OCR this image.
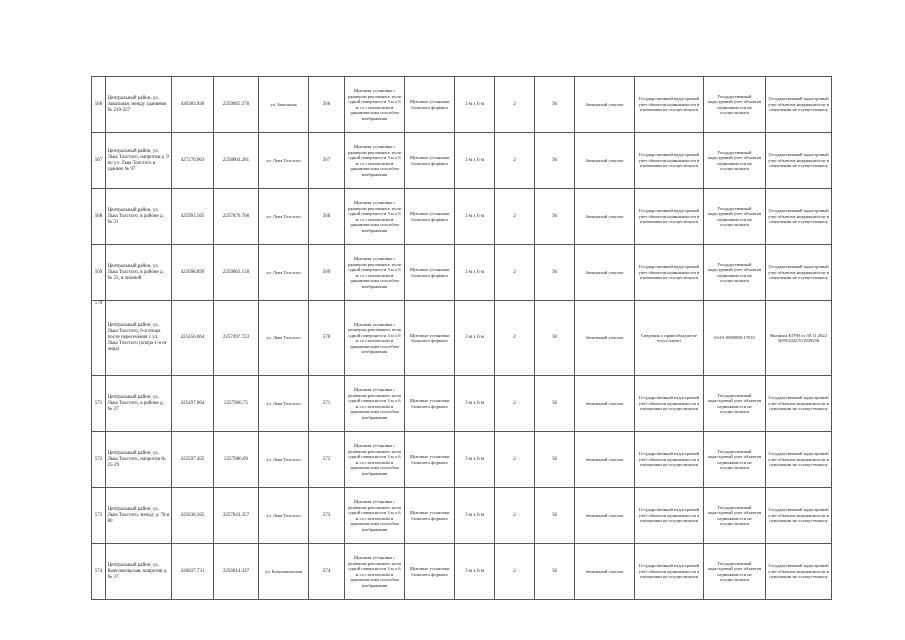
566	Центральный район, ул. Завальная, между зданиями № 219-227	430383.936	2259965.376	ул. Завальная	566	Щитовая установка с размером рекламного поля одной поверхности 3 м x 6 м со статическим и динамическим способом изображения	Щитовые установки большого формата	3 м x 6 м	2	36	Земельный участок	Государственный кадастровый учет объектов недвижимости в отношении не осуществлялся	Государственный кадастровый учет объектов недвижимости не осуществлялся	Государственный кадастровый учет объектов недвижимости в отношении не осуществлялся
567	Центральный район, ул. Льва Толстого, напротив д. 9 по ул. Льва Толстого и зданию № 97	427276.963	2258001.281	ул. Льва Толстого	567	Щитовая установка с размером рекламного поля одной поверхности 3 м x 6 м со статическим и динамическим способом изображения	Щитовые установки большого формата	3 м x 6 м	2	36	Земельный участок	Государственный кадастровый учет объектов недвижимости в отношении не осуществлялся	Государственный кадастровый учет объектов недвижимости не осуществлялся	Государственный кадастровый учет объектов недвижимости в отношении не осуществлялся
568	Центральный район, ул. Льва Толстого, в районе д. № 21	425993.565	2257876.706	ул. Льва Толстого	568	Щитовая установка с размером рекламного поля одной поверхности 3 м x 6 м со статическим и динамическим способом изображения	Щитовые установки большого формата	3 м x 6 м	2	36	Земельный участок	Государственный кадастровый учет объектов недвижимости в отношении не осуществлялся	Государственный кадастровый учет объектов недвижимости не осуществлялся	Государственный кадастровый учет объектов недвижимости в отношении не осуществлялся
569	Центральный район, ул. Льва Толстого, в районе д. № 23, в зеленой	425698.899	2259063.158	ул. Льва Толстого	569	Щитовая установка с размером рекламного поля одной поверхности 3 м x 6 м со статическим и динамическим способом изображения	Щитовые установки большого формата	3 м x 6 м	2	36	Земельный участок	Государственный кадастровый учет объектов недвижимости в отношении не осуществлялся	Государственный кадастровый учет объектов недвижимости не осуществлялся	Государственный кадастровый учет объектов недвижимости в отношении не осуществлялся
570	Центральный район, ул. Льва Толстого, 6-я опора после пересечения с ул. Льва Толстого (опора 1-я от лица)	425456.064	2257497.723	ул. Льва Толстого	570	Щитовая установка с размером рекламного поля одной поверхности 3 м x 6 м со статическим и динамическим способом изображения	Щитовые установки большого формата	3 м x 6 м	2	36	Земельный участок	Сведения о правообладателе отсутствуют	63:01:0000000:17016	Выписка ЕГРН от 30.11.2022 №99/2022/511049258
571	Центральный район, ул. Льва Толстого, в районе д. № 27	425497.064	2257900.75	ул. Льва Толстого	571	Щитовая установка с размером рекламного поля одной поверхности 3 м x 6 м со статическим и динамическим способом изображения	Щитовые установки большого формата	3 м x 6 м	2	36	Земельный участок	Государственный кадастровый учет объектов недвижимости в отношении не осуществлялся	Государственный кадастровый учет объектов недвижимости не осуществлялся	Государственный кадастровый учет объектов недвижимости в отношении не осуществлялся
572	Центральный район, ул. Льва Толстого, напротив № 25-29	425597.205	2257980.09	ул. Льва Толстого	572	Щитовая установка с размером рекламного поля одной поверхности 3 м x 6 м со статическим и динамическим способом изображения	Щитовые установки большого формата	3 м x 6 м	2	36	Земельный участок	Государственный кадастровый учет объектов недвижимости в отношении не осуществлялся	Государственный кадастровый учет объектов недвижимости не осуществлялся	Государственный кадастровый учет объектов недвижимости в отношении не осуществлялся
573	Центральный район, ул. Льва Толстого, между д. 78 и 80	425638.265	2257843.357	ул. Льва Толстого	573	Щитовая установка с размером рекламного поля одной поверхности 3 м x 6 м со статическим и динамическим способом изображения	Щитовые установки большого формата	3 м x 6 м	2	36	Земельный участок	Государственный кадастровый учет объектов недвижимости в отношении не осуществлялся	Государственный кадастровый учет объектов недвижимости не осуществлялся	Государственный кадастровый учет объектов недвижимости в отношении не осуществлялся
574	Центральный район, ул. Комсомольская, напротив д. № 37	426037.731	2256014.437	ул. Комсомольская	574	Щитовая установка с размером рекламного поля одной поверхности 3 м x 6 м со статическим и динамическим способом изображения	Щитовые установки большого формата	3 м x 6 м	2	36	Земельный участок	Государственный кадастровый учет объектов недвижимости в отношении не осуществлялся	Государственный кадастровый учет объектов недвижимости не осуществлялся	Государственный кадастровый учет объектов недвижимости в отношении не осуществлялся
